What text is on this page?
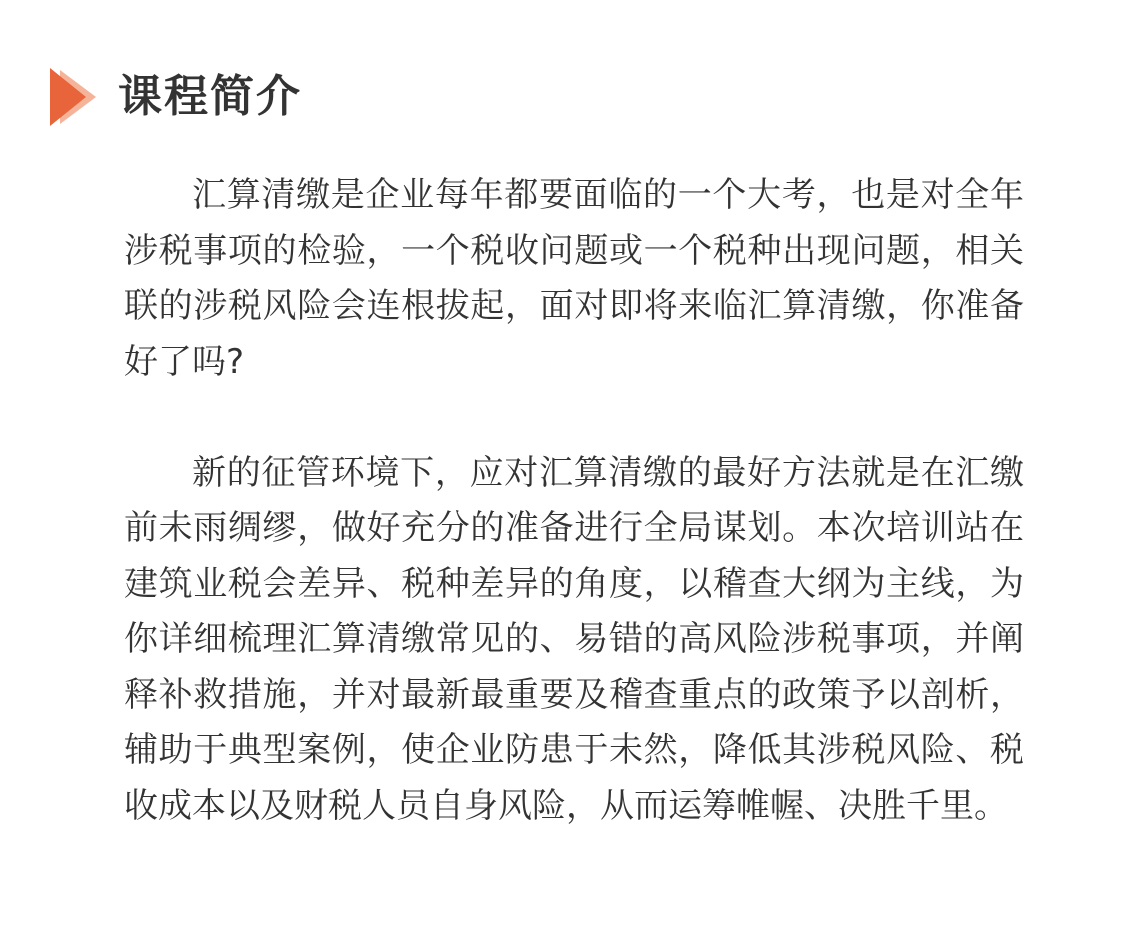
课程简介

汇算清缴是企业每年都要面临的一个大考，也是对全年涉税事项的检验，一个税收问题或一个税种出现问题，相关联的涉税风险会连根拔起，面对即将来临汇算清缴，你准备好了吗?

新的征管环境下，应对汇算清缴的最好方法就是在汇缴前未雨绸缪，做好充分的准备进行全局谋划。本次培训站在建筑业税会差异、税种差异的角度，以稽查大纲为主线，为你详细梳理汇算清缴常见的、易错的高风险涉税事项，并阐释补救措施，并对最新最重要及稽查重点的政策予以剖析，辅助于典型案例，使企业防患于未然，降低其涉税风险、税收成本以及财税人员自身风险，从而运筹帷幄、决胜千里。
